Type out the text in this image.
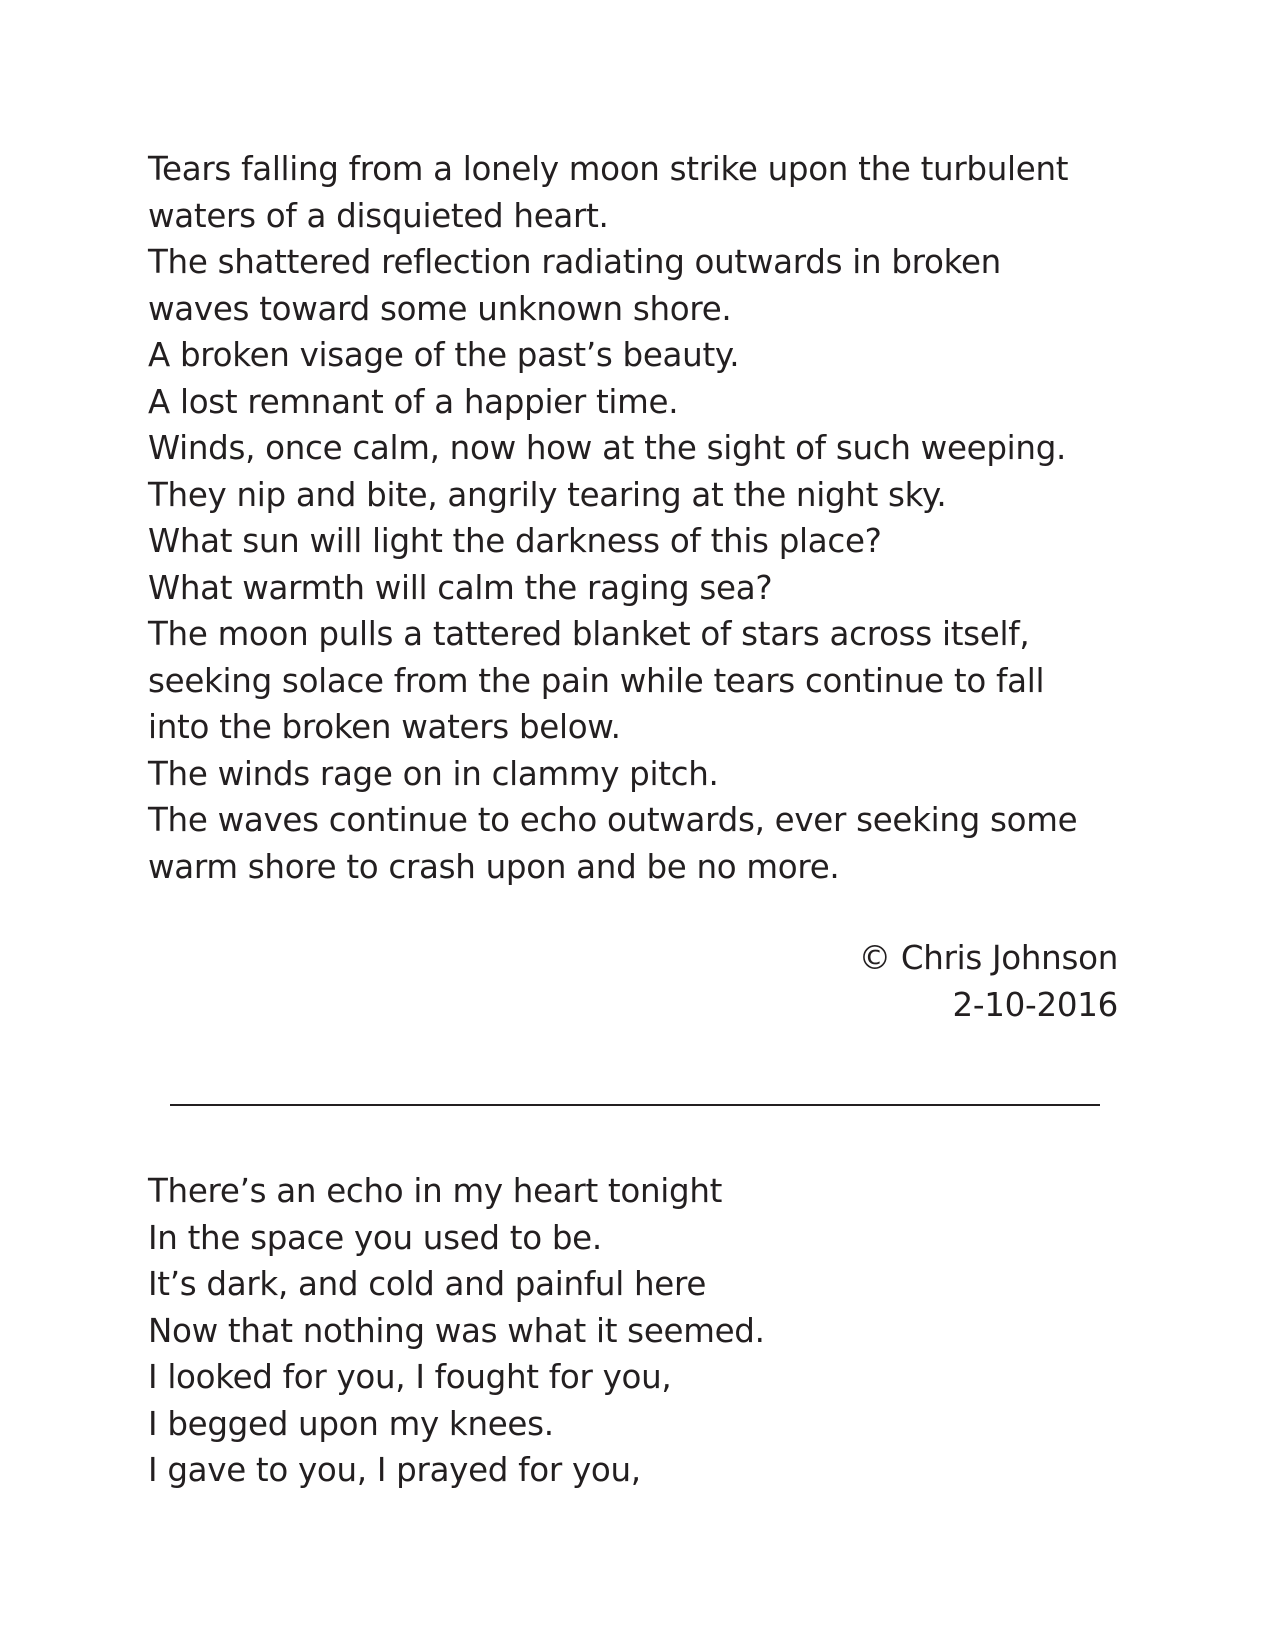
Tears falling from a lonely moon strike upon the turbulent
waters of a disquieted heart.
The shattered reflection radiating outwards in broken
waves toward some unknown shore.
A broken visage of the past’s beauty.
A lost remnant of a happier time.
Winds, once calm, now how at the sight of such weeping.
They nip and bite, angrily tearing at the night sky.
What sun will light the darkness of this place?
What warmth will calm the raging sea?
The moon pulls a tattered blanket of stars across itself,
seeking solace from the pain while tears continue to fall
into the broken waters below.
The winds rage on in clammy pitch.
The waves continue to echo outwards, ever seeking some
warm shore to crash upon and be no more.
© Chris Johnson
2-10-2016
There’s an echo in my heart tonight
In the space you used to be.
It’s dark, and cold and painful here
Now that nothing was what it seemed.
I looked for you, I fought for you,
I begged upon my knees.
I gave to you, I prayed for you,
